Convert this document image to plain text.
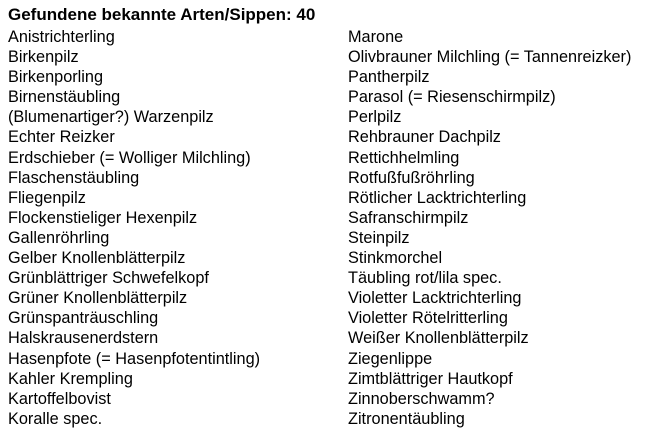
Gefundene bekannte Arten/Sippen: 40
Anistrichterling
Birkenpilz
Birkenporling
Birnenstäubling
(Blumenartiger?) Warzenpilz
Echter Reizker
Erdschieber (= Wolliger Milchling)
Flaschenstäubling
Fliegenpilz
Flockenstieliger Hexenpilz
Gallenröhrling
Gelber Knollenblätterpilz
Grünblättriger Schwefelkopf
Grüner Knollenblätterpilz
Grünspanträuschling
Halskrausenerdstern
Hasenpfote (= Hasenpfotentintling)
Kahler Krempling
Kartoffelbovist
Koralle spec.
Marone
Olivbrauner Milchling (= Tannenreizker)
Pantherpilz
Parasol (= Riesenschirmpilz)
Perlpilz
Rehbrauner Dachpilz
Rettichhelmling
Rotfußfußröhrling
Rötlicher Lacktrichterling
Safranschirmpilz
Steinpilz
Stinkmorchel
Täubling rot/lila spec.
Violetter Lacktrichterling
Violetter Rötelritterling
Weißer Knollenblätterpilz
Ziegenlippe
Zimtblättriger Hautkopf
Zinnoberschwamm?
Zitronentäubling
